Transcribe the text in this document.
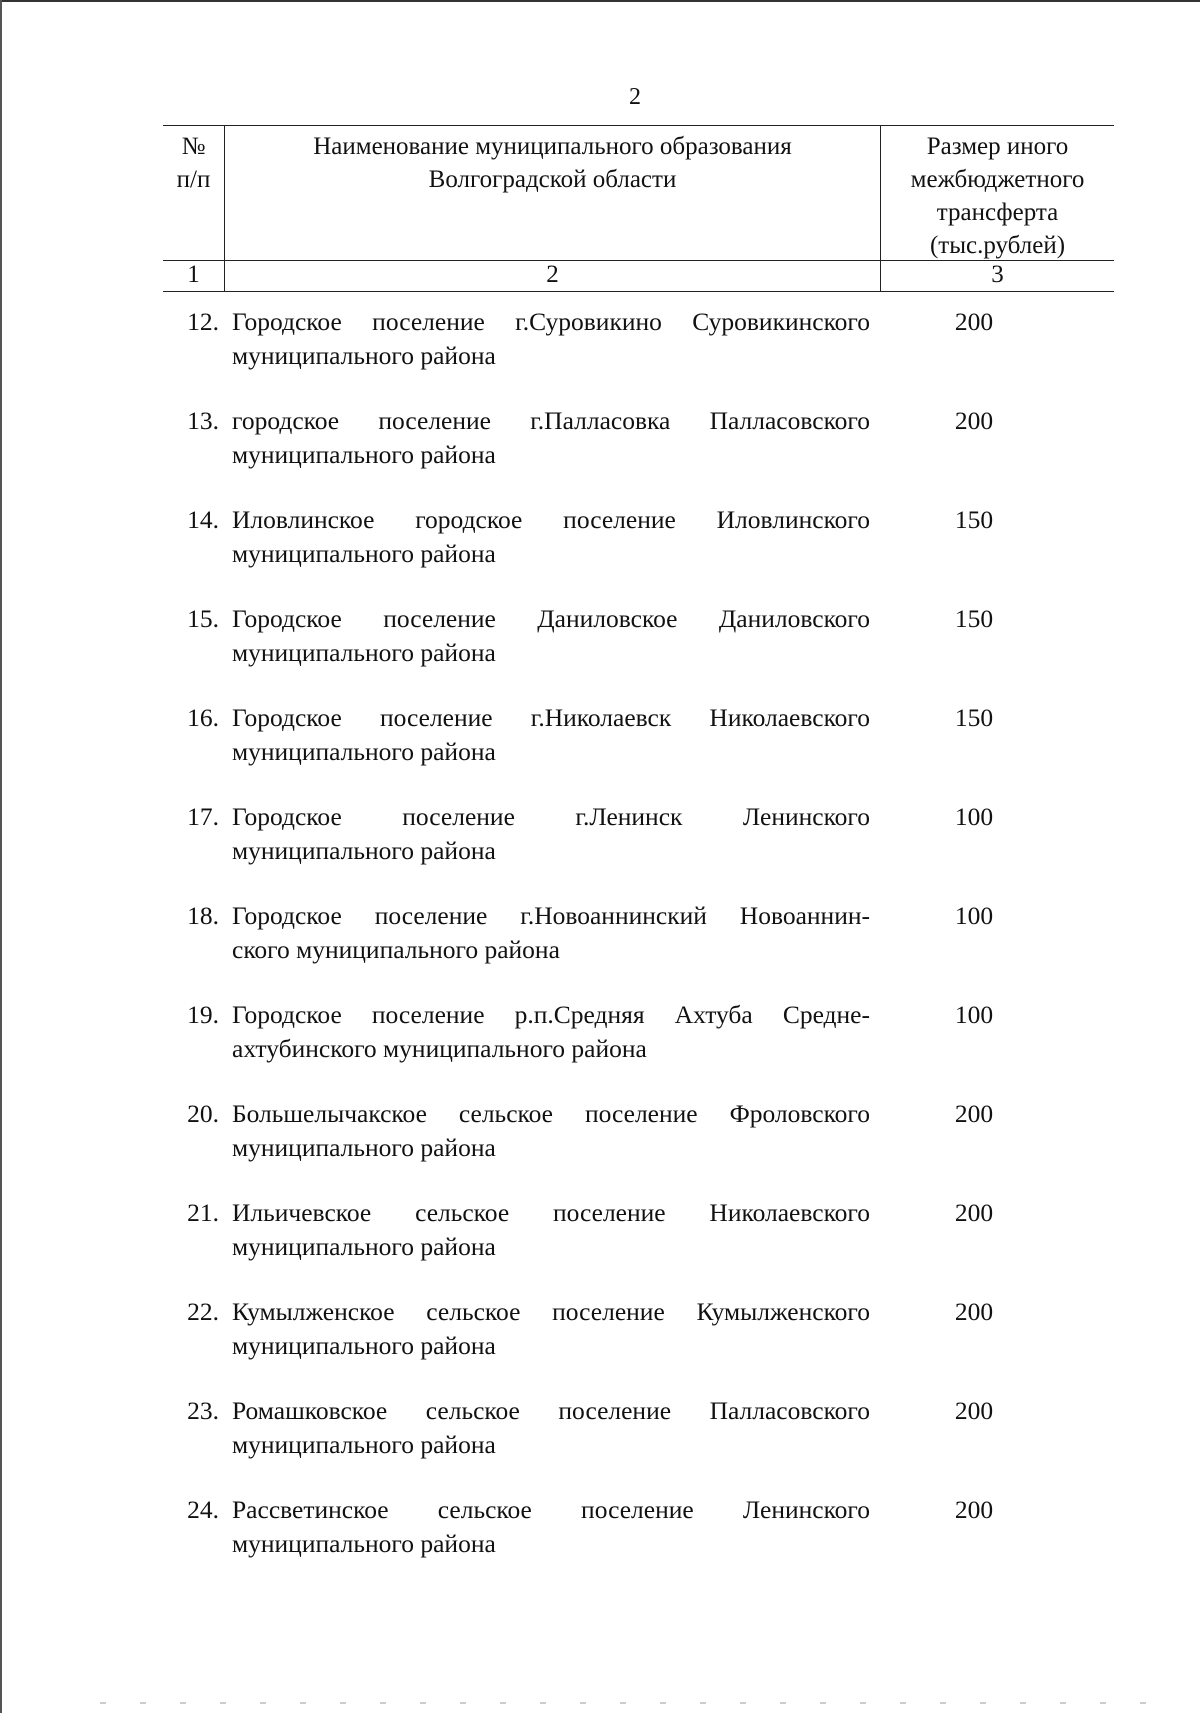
2
№
п/п
Наименование муниципального образования
Волгоградской области
Размер иного
межбюджетного
трансферта
(тыс.рублей)
1	2	3
12. Городское поселение г.Суровикино Суровикинского
муниципального района
200
13. городское поселение г.Палласовка Палласовского
муниципального района
200
14. Иловлинское городское поселение Иловлинского
муниципального района
150
15. Городское поселение Даниловское Даниловского
муниципального района
150
16. Городское поселение г.Николаевск Николаевского
муниципального района
150
17. Городское поселение г.Ленинск Ленинского
муниципального района
100
18. Городское поселение г.Новоаннинский Новоаннин-
ского муниципального района
100
19. Городское поселение р.п.Средняя Ахтуба Средне-
ахтубинского муниципального района
100
20. Большелычакское сельское поселение Фроловского
муниципального района
200
21. Ильичевское сельское поселение Николаевского
муниципального района
200
22. Кумылженское сельское поселение Кумылженского
муниципального района
200
23. Ромашковское сельское поселение Палласовского
муниципального района
200
24. Рассветинское сельское поселение Ленинского
муниципального района
200
